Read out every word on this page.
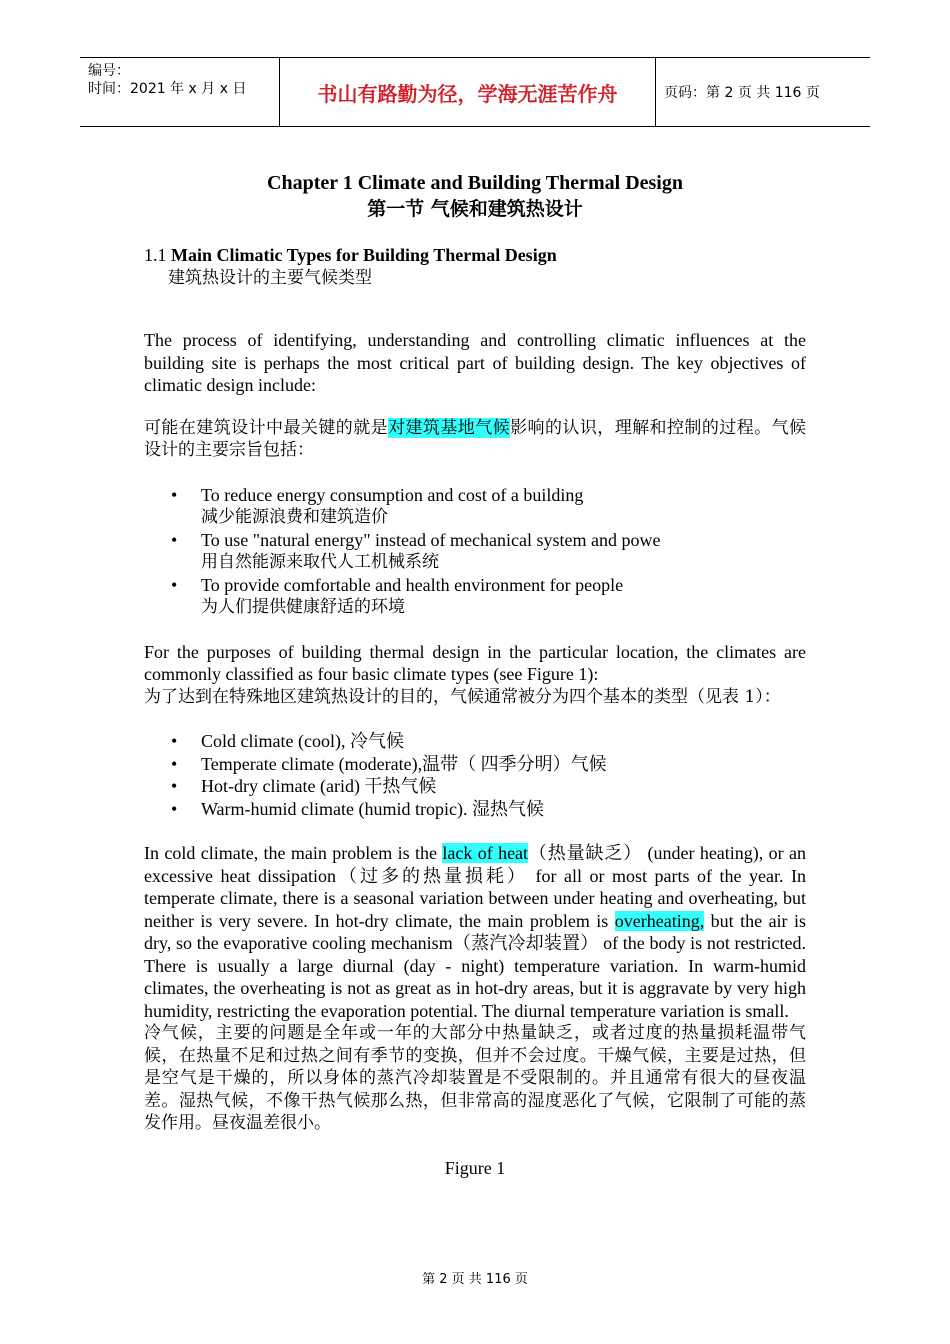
编号：
时间：2021 年 x 月 x 日	书山有路勤为径，学海无涯苦作舟	页码：第 2 页 共 116 页
Chapter 1 Climate and Building Thermal Design
第一节 气候和建筑热设计
1.1 Main Climatic Types for Building Thermal Design
建筑热设计的主要气候类型

The process of identifying, understanding and controlling climatic influences at the building site is perhaps the most critical part of building design. The key objectives of climatic design include:

可能在建筑设计中最关键的就是对建筑基地气候影响的认识，理解和控制的过程。气候设计的主要宗旨包括：

• To reduce energy consumption and cost of a building
减少能源浪费和建筑造价
• To use "natural energy" instead of mechanical system and powe
用自然能源来取代人工机械系统
• To provide comfortable and health environment for people
为人们提供健康舒适的环境

For the purposes of building thermal design in the particular location, the climates are commonly classified as four basic climate types (see Figure 1):

为了达到在特殊地区建筑热设计的目的，气候通常被分为四个基本的类型（见表 1）：

• Cold climate (cool), 冷气候
• Temperate climate (moderate),温带（ 四季分明）气候
• Hot-dry climate (arid) 干热气候
• Warm-humid climate (humid tropic). 湿热气候

In cold climate, the main problem is the lack of heat（热量缺乏） (under heating), or an excessive heat dissipation（过多的热量损耗） for all or most parts of the year. In temperate climate, there is a seasonal variation between under heating and overheating, but neither is very severe. In hot-dry climate, the main problem is overheating, but the air is dry, so the evaporative cooling mechanism（蒸汽冷却装置） of the body is not restricted. There is usually a large diurnal (day - night) temperature variation. In warm-humid climates, the overheating is not as great as in hot-dry areas, but it is aggravate by very high humidity, restricting the evaporation potential. The diurnal temperature variation is small.

冷气候，主要的问题是全年或一年的大部分中热量缺乏，或者过度的热量损耗温带气候，在热量不足和过热之间有季节的变换，但并不会过度。干燥气候，主要是过热，但是空气是干燥的，所以身体的蒸汽冷却装置是不受限制的。并且通常有很大的昼夜温差。湿热气候，不像干热气候那么热，但非常高的湿度恶化了气候，它限制了可能的蒸发作用。昼夜温差很小。

Figure 1
第 2 页 共 116 页
